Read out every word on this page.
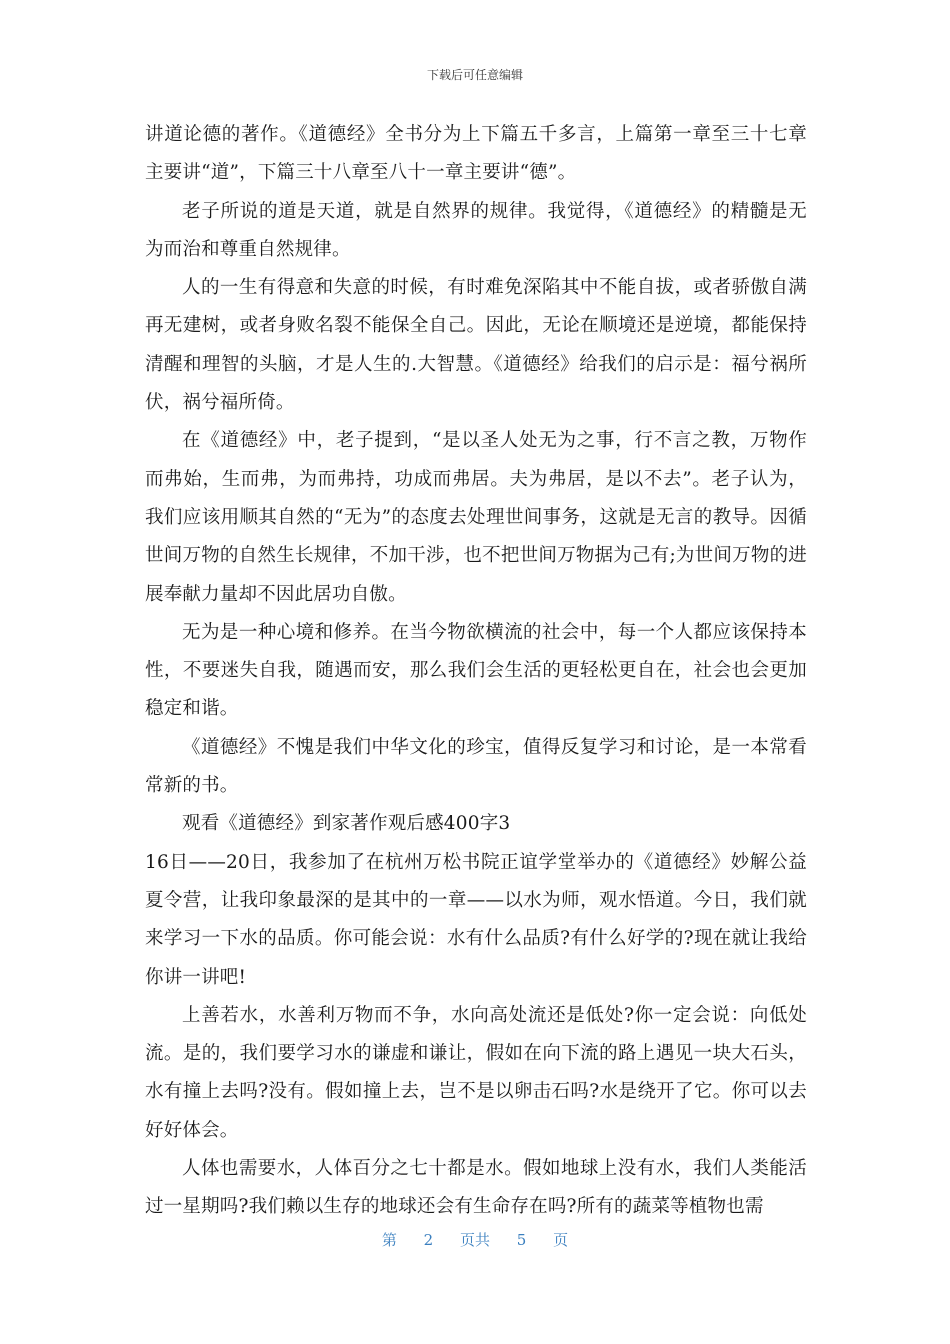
下载后可任意编辑

讲道论德的著作。《道德经》全书分为上下篇五千多言，上篇第一章至三十七章主要讲“道”，下篇三十八章至八十一章主要讲“德”。

老子所说的道是天道，就是自然界的规律。我觉得，《道德经》的精髓是无为而治和尊重自然规律。

人的一生有得意和失意的时候，有时难免深陷其中不能自拔，或者骄傲自满再无建树，或者身败名裂不能保全自己。因此，无论在顺境还是逆境，都能保持清醒和理智的头脑，才是人生的.大智慧。《道德经》给我们的启示是：福兮祸所伏，祸兮福所倚。

在《道德经》中，老子提到，“是以圣人处无为之事，行不言之教，万物作而弗始，生而弗，为而弗持，功成而弗居。夫为弗居，是以不去”。老子认为，我们应该用顺其自然的“无为”的态度去处理世间事务，这就是无言的教导。因循世间万物的自然生长规律，不加干涉，也不把世间万物据为己有;为世间万物的进展奉献力量却不因此居功自傲。

无为是一种心境和修养。在当今物欲横流的社会中，每一个人都应该保持本性，不要迷失自我，随遇而安，那么我们会生活的更轻松更自在，社会也会更加稳定和谐。

《道德经》不愧是我们中华文化的珍宝，值得反复学习和讨论，是一本常看常新的书。

观看《道德经》到家著作观后感400字3

16日——20日，我参加了在杭州万松书院正谊学堂举办的《道德经》妙解公益夏令营，让我印象最深的是其中的一章——以水为师，观水悟道。今日，我们就来学习一下水的品质。你可能会说：水有什么品质?有什么好学的?现在就让我给你讲一讲吧!

上善若水，水善利万物而不争，水向高处流还是低处?你一定会说：向低处流。是的，我们要学习水的谦虚和谦让，假如在向下流的路上遇见一块大石头，水有撞上去吗?没有。假如撞上去，岂不是以卵击石吗?水是绕开了它。你可以去好好体会。

人体也需要水，人体百分之七十都是水。假如地球上没有水，我们人类能活过一星期吗?我们赖以生存的地球还会有生命存在吗?所有的蔬菜等植物也需

第 2 页共 5 页
